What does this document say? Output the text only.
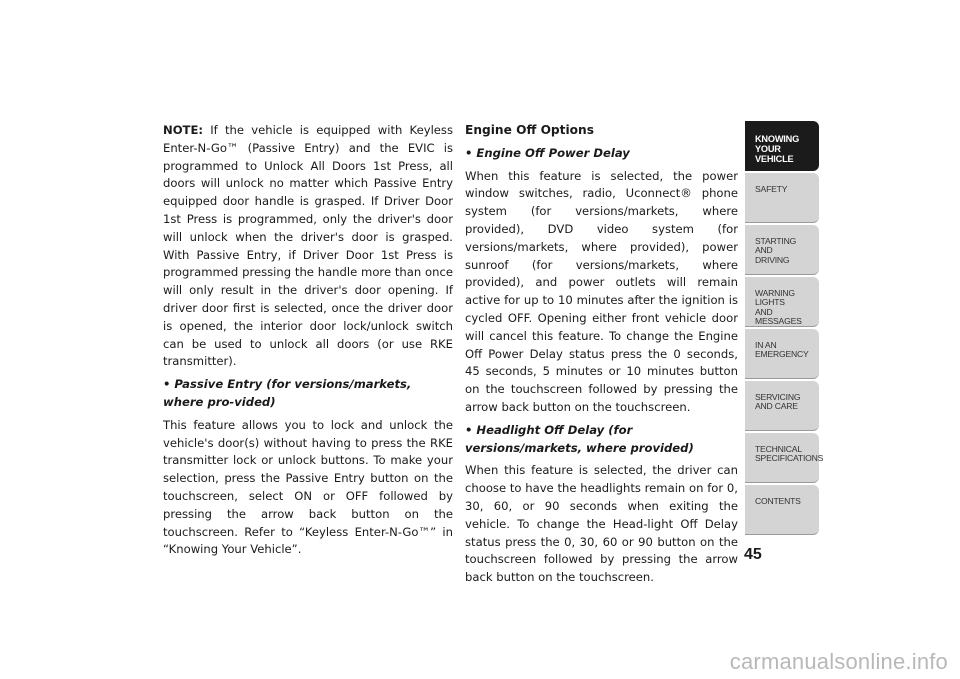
NOTE: If the vehicle is equipped with Keyless Enter-N-Go™ (Passive Entry) and the EVIC is programmed to Unlock All Doors 1st Press, all doors will unlock no matter which Passive Entry equipped door handle is grasped. If Driver Door 1st Press is programmed, only the driver's door will unlock when the driver's door is grasped. With Passive Entry, if Driver Door 1st Press is programmed pressing the handle more than once will only result in the driver's door opening. If driver door first is selected, once the driver door is opened, the interior door lock/unlock switch can be used to unlock all doors (or use RKE transmitter).

• Passive Entry (for versions/markets, where pro-vided)

This feature allows you to lock and unlock the vehicle's door(s) without having to press the RKE transmitter lock or unlock buttons. To make your selection, press the Passive Entry button on the touchscreen, select ON or OFF followed by pressing the arrow back button on the touchscreen. Refer to “Keyless Enter-N-Go™” in “Knowing Your Vehicle”.

Engine Off Options

• Engine Off Power Delay

When this feature is selected, the power window switches, radio, Uconnect® phone system (for versions/markets, where provided), DVD video system (for versions/markets, where provided), power sunroof (for versions/markets, where provided), and power outlets will remain active for up to 10 minutes after the ignition is cycled OFF. Opening either front vehicle door will cancel this feature. To change the Engine Off Power Delay status press the 0 seconds, 45 seconds, 5 minutes or 10 minutes button on the touchscreen followed by pressing the arrow back button on the touchscreen.

• Headlight Off Delay (for versions/markets, where provided)

When this feature is selected, the driver can choose to have the headlights remain on for 0, 30, 60, or 90 seconds when exiting the vehicle. To change the Head-light Off Delay status press the 0, 30, 60 or 90 button on the touchscreen followed by pressing the arrow back button on the touchscreen.

KNOWING
YOUR
VEHICLE
SAFETY
STARTING
AND
DRIVING
WARNING
LIGHTS
AND
MESSAGES
IN AN
EMERGENCY
SERVICING
AND CARE
TECHNICAL
SPECIFICATIONS
CONTENTS
45
carmanualsonline.info
